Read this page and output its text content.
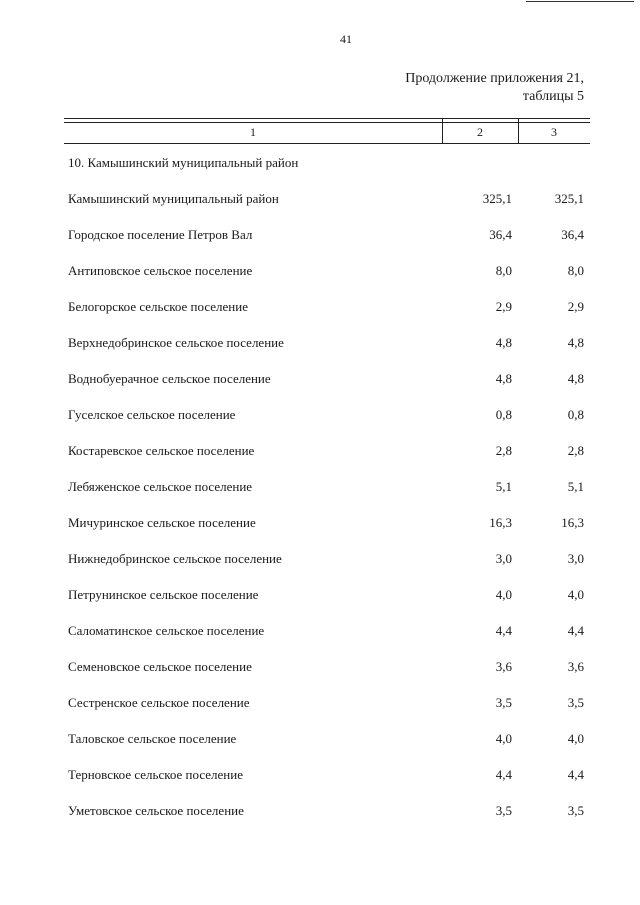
41
Продолжение приложения 21,
таблицы 5
1	2	3
10. Камышинский муниципальный район
Камышинский муниципальный район	325,1	325,1
Городское поселение Петров Вал	36,4	36,4
Антиповское сельское поселение	8,0	8,0
Белогорское сельское поселение	2,9	2,9
Верхнедобринское сельское поселение	4,8	4,8
Воднобуерачное сельское поселение	4,8	4,8
Гуселское сельское поселение	0,8	0,8
Костаревское сельское поселение	2,8	2,8
Лебяженское сельское поселение	5,1	5,1
Мичуринское сельское поселение	16,3	16,3
Нижнедобринское сельское поселение	3,0	3,0
Петрунинское сельское поселение	4,0	4,0
Саломатинское сельское поселение	4,4	4,4
Семеновское сельское поселение	3,6	3,6
Сестренское сельское поселение	3,5	3,5
Таловское сельское поселение	4,0	4,0
Терновское сельское поселение	4,4	4,4
Уметовское сельское поселение	3,5	3,5
